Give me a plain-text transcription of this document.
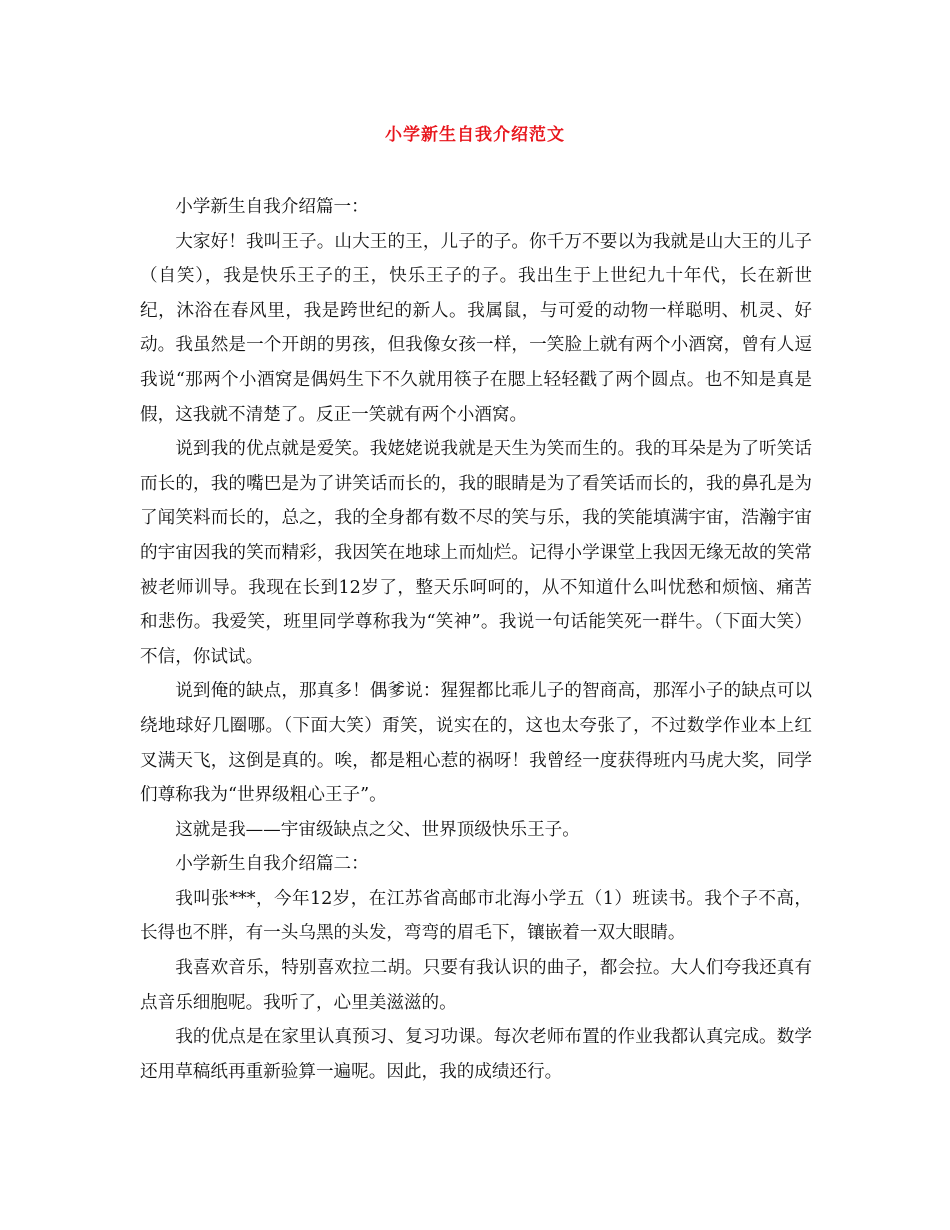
小学新生自我介绍范文

小学新生自我介绍篇一：

大家好！我叫王子。山大王的王，儿子的子。你千万不要以为我就是山大王的儿子（自笑），我是快乐王子的王，快乐王子的子。我出生于上世纪九十年代，长在新世纪，沐浴在春风里，我是跨世纪的新人。我属鼠，与可爱的动物一样聪明、机灵、好动。我虽然是一个开朗的男孩，但我像女孩一样，一笑脸上就有两个小酒窝，曾有人逗我说“那两个小酒窝是偶妈生下不久就用筷子在腮上轻轻戳了两个圆点。也不知是真是假，这我就不清楚了。反正一笑就有两个小酒窝。

说到我的优点就是爱笑。我姥姥说我就是天生为笑而生的。我的耳朵是为了听笑话而长的，我的嘴巴是为了讲笑话而长的，我的眼睛是为了看笑话而长的，我的鼻孔是为了闻笑料而长的，总之，我的全身都有数不尽的笑与乐，我的笑能填满宇宙，浩瀚宇宙的宇宙因我的笑而精彩，我因笑在地球上而灿烂。记得小学课堂上我因无缘无故的笑常被老师训导。我现在长到12岁了，整天乐呵呵的，从不知道什么叫忧愁和烦恼、痛苦和悲伤。我爱笑，班里同学尊称我为“笑神”。我说一句话能笑死一群牛。（下面大笑）不信，你试试。

说到俺的缺点，那真多！偶爹说：猩猩都比乖儿子的智商高，那浑小子的缺点可以绕地球好几圈哪。（下面大笑）甭笑，说实在的，这也太夸张了，不过数学作业本上红叉满天飞，这倒是真的。唉，都是粗心惹的祸呀！我曾经一度获得班内马虎大奖，同学们尊称我为“世界级粗心王子”。

这就是我——宇宙级缺点之父、世界顶级快乐王子。

小学新生自我介绍篇二：

我叫张***，今年12岁，在江苏省高邮市北海小学五（1）班读书。我个子不高，长得也不胖，有一头乌黑的头发，弯弯的眉毛下，镶嵌着一双大眼睛。

我喜欢音乐，特别喜欢拉二胡。只要有我认识的曲子，都会拉。大人们夸我还真有点音乐细胞呢。我听了，心里美滋滋的。

我的优点是在家里认真预习、复习功课。每次老师布置的作业我都认真完成。数学还用草稿纸再重新验算一遍呢。因此，我的成绩还行。
